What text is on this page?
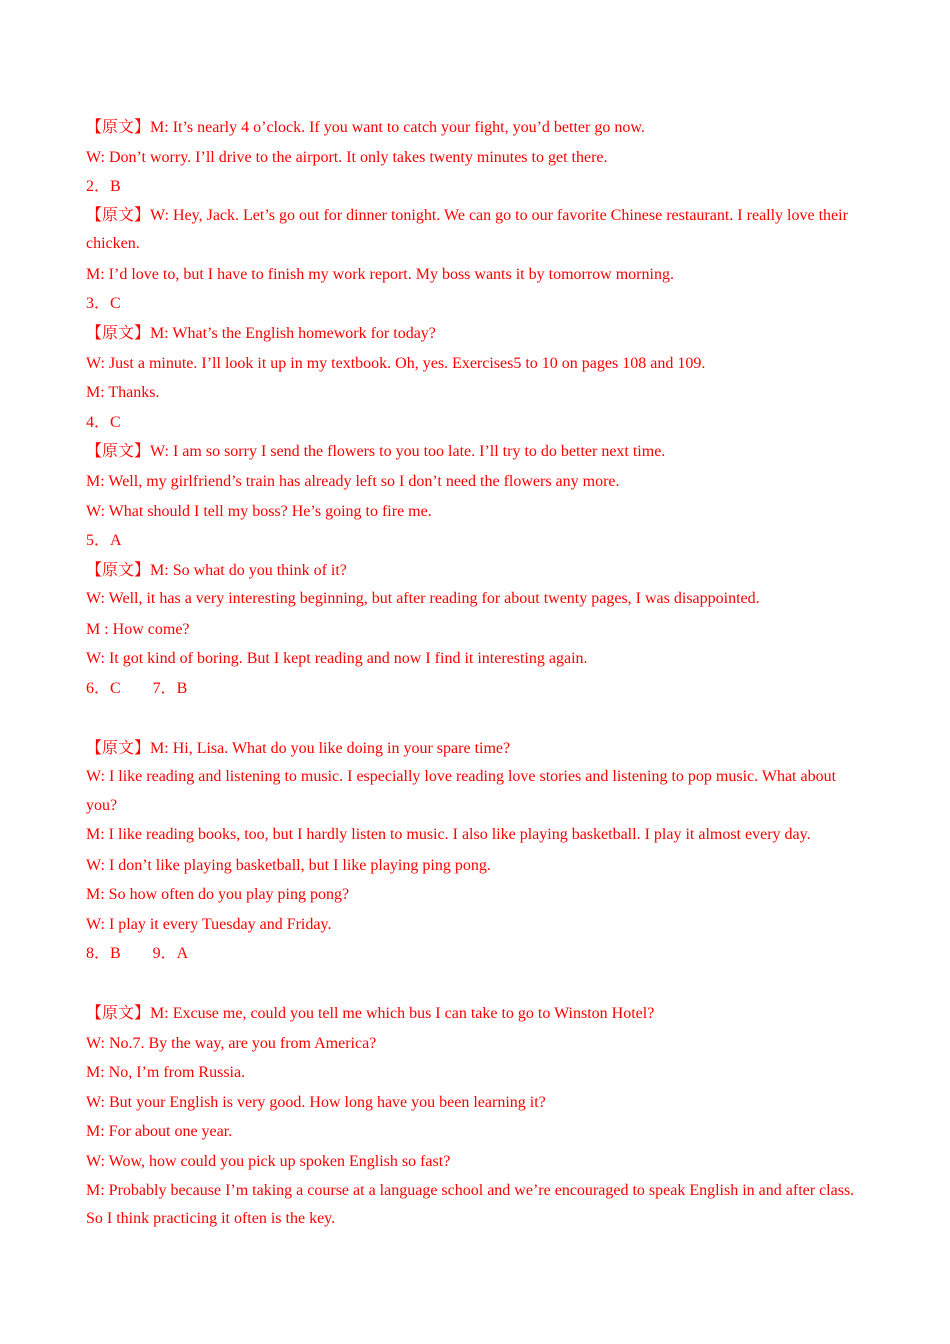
【原文】M: It’s nearly 4 o’clock. If you want to catch your fight, you’d better go now.
W: Don’t worry. I’ll drive to the airport. It only takes twenty minutes to get there.
2．B
【原文】W: Hey, Jack. Let’s go out for dinner tonight. We can go to our favorite Chinese restaurant. I really love their chicken.
M: I’d love to, but I have to finish my work report. My boss wants it by tomorrow morning.
3．C
【原文】M: What’s the English homework for today?
W: Just a minute. I’ll look it up in my textbook. Oh, yes. Exercises5 to 10 on pages 108 and 109.
M: Thanks.
4．C
【原文】W: I am so sorry I send the flowers to you too late. I’ll try to do better next time.
M: Well, my girlfriend’s train has already left so I don’t need the flowers any more.
W: What should I tell my boss? He’s going to fire me.
5．A
【原文】M: So what do you think of it?
W: Well, it has a very interesting beginning, but after reading for about twenty pages, I was disappointed.
M : How come?
W: It got kind of boring. But I kept reading and now I find it interesting again.
6．C        7．B
【原文】M: Hi, Lisa. What do you like doing in your spare time?
W: I like reading and listening to music. I especially love reading love stories and listening to pop music. What about you?
M: I like reading books, too, but I hardly listen to music. I also like playing basketball. I play it almost every day.
W: I don’t like playing basketball, but I like playing ping pong.
M: So how often do you play ping pong?
W: I play it every Tuesday and Friday.
8．B        9．A
【原文】M: Excuse me, could you tell me which bus I can take to go to Winston Hotel?
W: No.7. By the way, are you from America?
M: No, I’m from Russia.
W: But your English is very good. How long have you been learning it?
M: For about one year.
W: Wow, how could you pick up spoken English so fast?
M: Probably because I’m taking a course at a language school and we’re encouraged to speak English in and after class. So I think practicing it often is the key.
